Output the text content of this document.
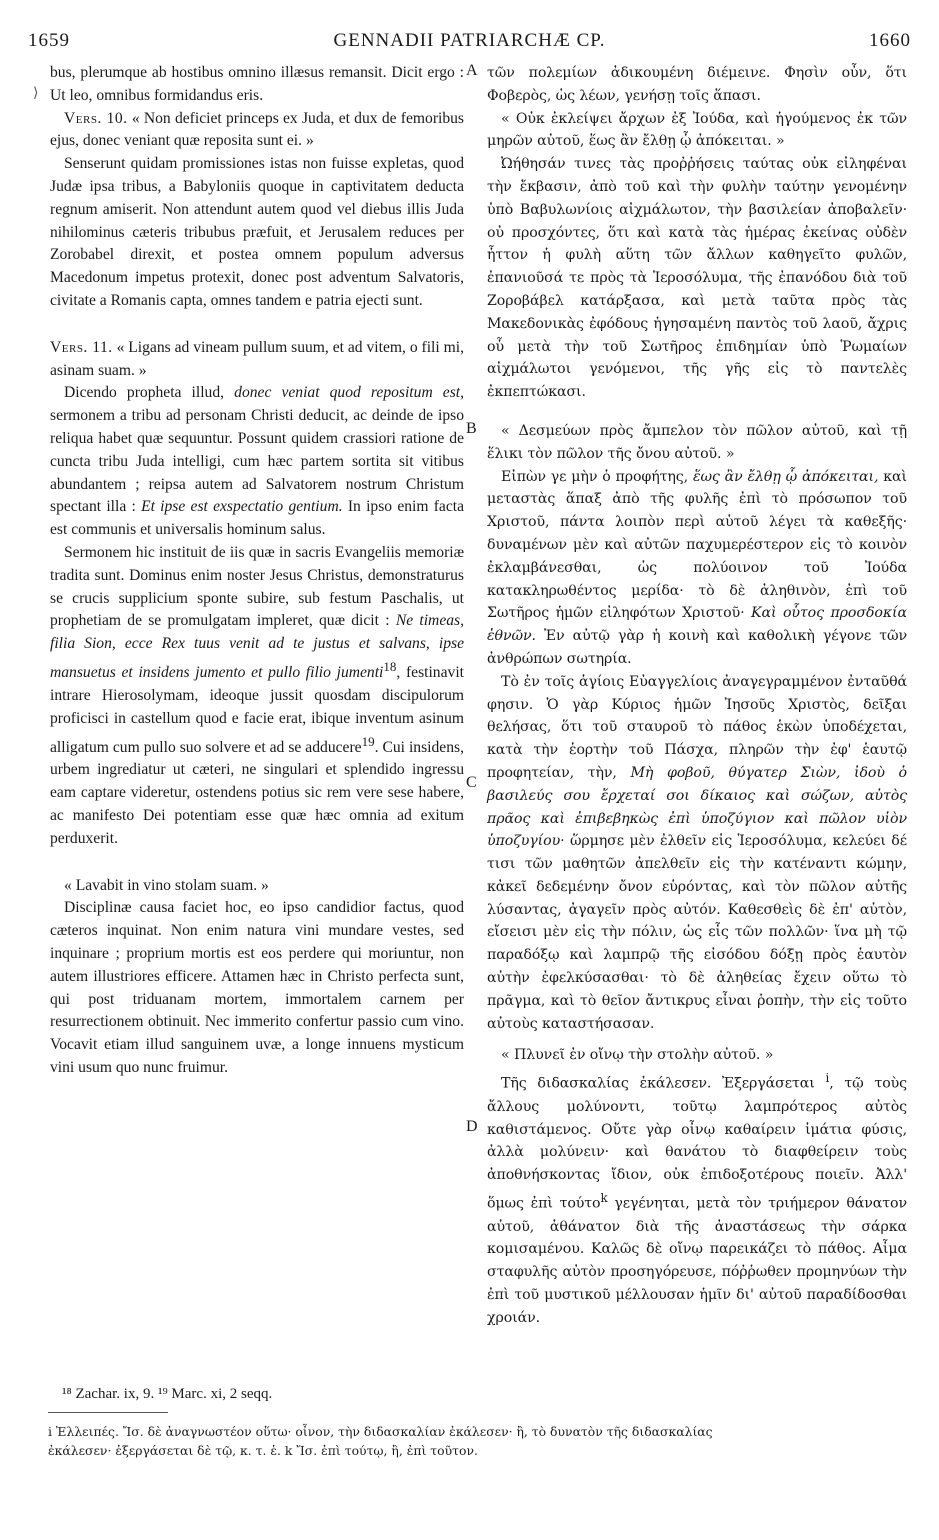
1659	GENNADII PATRIARCHÆ CP.	1660
⟩

bus, plerumque ab hostibus omnino illæsus remansit. Dicit ergo : Ut leo, omnibus formidandus eris.

Vers. 10. « Non deficiet princeps ex Juda, et dux de femoribus ejus, donec veniant quæ reposita sunt ei. »

Senserunt quidam promissiones istas non fuisse expletas, quod Judæ ipsa tribus, a Babyloniis quoque in captivitatem deducta regnum amiserit. Non attendunt autem quod vel diebus illis Juda nihilominus cæteris tribubus præfuit, et Jerusalem reduces per Zorobabel direxit, et postea omnem populum adversus Macedonum impetus protexit, donec post adventum Salvatoris, civitate a Romanis capta, omnes tandem e patria ejecti sunt.

Vers. 11. « Ligans ad vineam pullum suum, et ad vitem, o fili mi, asinam suam. »

Dicendo propheta illud, donec veniat quod repositum est, sermonem a tribu ad personam Christi deducit, ac deinde de ipso reliqua habet quæ sequuntur. Possunt quidem crassiori ratione de cuncta tribu Juda intelligi, cum hæc partem sortita sit vitibus abundantem ; reipsa autem ad Salvatorem nostrum Christum spectant illa : Et ipse est exspectatio gentium. In ipso enim facta est communis et universalis hominum salus.

Sermonem hic instituit de iis quæ in sacris Evangeliis memoriæ tradita sunt. Dominus enim noster Jesus Christus, demonstraturus se crucis supplicium sponte subire, sub festum Paschalis, ut prophetiam de se promulgatam impleret, quæ dicit : Ne timeas, filia Sion, ecce Rex tuus venit ad te justus et salvans, ipse mansuetus et insidens jumento et pullo filio jumenti$^{18}$, festinavit intrare Hierosolymam, ideoque jussit quosdam discipulorum proficisci in castellum quod e facie erat, ibique inventum asinum alligatum cum pullo suo solvere et ad se adducere$^{19}$. Cui insidens, urbem ingrediatur ut cæteri, ne singulari et splendido ingressu eam captare videretur, ostendens potius sic rem vere sese habere, ac manifesto Dei potentiam esse quæ hæc omnia ad exitum perduxerit.

« Lavabit in vino stolam suam. »

Disciplinæ causa faciet hoc, eo ipso candidior factus, quod cæteros inquinat. Non enim natura vini mundare vestes, sed inquinare ; proprium mortis est eos perdere qui moriuntur, non autem illustriores efficere. Attamen hæc in Christo perfecta sunt, qui post triduanam mortem, immortalem carnem per resurrectionem obtinuit. Nec immerito confertur passio cum vino. Vocavit etiam illud sanguinem uvæ, a longe innuens mysticum vini usum quo nunc fruimur.

A
B
C
D

τῶν πολεμίων ἀδικουμένη διέμεινε. Φησὶν οὖν, ὅτι Φοβερὸς, ὡς λέων, γενήσῃ τοῖς ἅπασι.

« Οὐκ ἐκλείψει ἄρχων ἐξ Ἰούδα, καὶ ἡγούμενος ἐκ τῶν μηρῶν αὐτοῦ, ἕως ἂν ἔλθῃ ᾧ ἀπόκειται. »

Ὠήθησάν τινες τὰς προῤῥήσεις ταύτας οὐκ εἰληφέναι τὴν ἔκβασιν, ἀπὸ τοῦ καὶ τὴν φυλὴν ταύτην γενομένην ὑπὸ Βαβυλωνίοις αἰχμάλωτον, τὴν βασιλείαν ἀποβαλεῖν· οὐ προσχόντες, ὅτι καὶ κατὰ τὰς ἡμέρας ἐκείνας οὐδὲν ἧττον ἡ φυλὴ αὕτη τῶν ἄλλων καθηγεῖτο φυλῶν, ἐπανιοῦσά τε πρὸς τὰ Ἱεροσόλυμα, τῆς ἐπανόδου διὰ τοῦ Ζοροβάβελ κατάρξασα, καὶ μετὰ ταῦτα πρὸς τὰς Μακεδονικὰς ἐφόδους ἡγησαμένη παντὸς τοῦ λαοῦ, ἄχρις οὗ μετὰ τὴν τοῦ Σωτῆρος ἐπιδημίαν ὑπὸ Ῥωμαίων αἰχμάλωτοι γενόμενοι, τῆς γῆς εἰς τὸ παντελὲς ἐκπεπτώκασι.

« Δεσμεύων πρὸς ἄμπελον τὸν πῶλον αὐτοῦ, καὶ τῇ ἕλικι τὸν πῶλον τῆς ὄνου αὐτοῦ. »

Εἰπὼν γε μὴν ὁ προφήτης, ἕως ἂν ἔλθῃ ᾧ ἀπόκειται, καὶ μεταστὰς ἅπαξ ἀπὸ τῆς φυλῆς ἐπὶ τὸ πρόσωπον τοῦ Χριστοῦ, πάντα λοιπὸν περὶ αὐτοῦ λέγει τὰ καθεξῆς· δυναμένων μὲν καὶ αὐτῶν παχυμερέστερον εἰς τὸ κοινὸν ἐκλαμβάνεσθαι, ὡς πολύοινον τοῦ Ἰούδα κατακληρωθέντος μερίδα· τὸ δὲ ἀληθινὸν, ἐπὶ τοῦ Σωτῆρος ἡμῶν εἰληφότων Χριστοῦ· Καὶ οὗτος προσδοκία ἐθνῶν. Ἐν αὐτῷ γὰρ ἡ κοινὴ καὶ καθολικὴ γέγονε τῶν ἀνθρώπων σωτηρία.

Τὸ ἐν τοῖς ἁγίοις Εὐαγγελίοις ἀναγεγραμμένον ἐνταῦθά φησιν. Ὁ γὰρ Κύριος ἡμῶν Ἰησοῦς Χριστὸς, δεῖξαι θελήσας, ὅτι τοῦ σταυροῦ τὸ πάθος ἑκὼν ὑποδέχεται, κατὰ τὴν ἑορτὴν τοῦ Πάσχα, πληρῶν τὴν ἐφ' ἑαυτῷ προφητείαν, τὴν, Μὴ φοβοῦ, θύγατερ Σιὼν, ἰδοὺ ὁ βασιλεύς σου ἔρχεταί σοι δίκαιος καὶ σώζων, αὐτὸς πρᾶος καὶ ἐπιβεβηκὼς ἐπὶ ὑποζύγιον καὶ πῶλον υἱὸν ὑποζυγίου· ὥρμησε μὲν ἐλθεῖν εἰς Ἱεροσόλυμα, κελεύει δέ τισι τῶν μαθητῶν ἀπελθεῖν εἰς τὴν κατέναντι κώμην, κἀκεῖ δεδεμένην ὄνον εὑρόντας, καὶ τὸν πῶλον αὐτῆς λύσαντας, ἀγαγεῖν πρὸς αὐτόν. Καθεσθεὶς δὲ ἐπ' αὐτὸν, εἴσεισι μὲν εἰς τὴν πόλιν, ὡς εἷς τῶν πολλῶν· ἵνα μὴ τῷ παραδόξῳ καὶ λαμπρῷ τῆς εἰσόδου δόξῃ πρὸς ἑαυτὸν αὐτὴν ἐφελκύσασθαι· τὸ δὲ ἀληθείας ἔχειν οὕτω τὸ πρᾶγμα, καὶ τὸ θεῖον ἄντικρυς εἶναι ῥοπὴν, τὴν εἰς τοῦτο αὐτοὺς καταστήσασαν.

« Πλυνεῖ ἐν οἴνῳ τὴν στολὴν αὐτοῦ. »

Τῆς διδασκαλίας ἐκάλεσεν. Ἐξεργάσεται $^i$, τῷ τοὺς ἄλλους μολύνοντι, τοῦτῳ λαμπρότερος αὐτὸς καθιστάμενος. Οὔτε γὰρ οἶνῳ καθαίρειν ἱμάτια φύσις, ἀλλὰ μολύνειν· καὶ θανάτου τὸ διαφθείρειν τοὺς ἀποθνήσκοντας ἴδιον, οὐκ ἐπιδοξοτέρους ποιεῖν. Ἀλλ' ὅμως ἐπὶ τούτο$^k$ γεγένηται, μετὰ τὸν τριήμερον θάνατον αὐτοῦ, ἀθάνατον διὰ τῆς ἀναστάσεως τὴν σάρκα κομισαμένου. Καλῶς δὲ οἴνῳ παρεικάζει τὸ πάθος. Αἷμα σταφυλῆς αὐτὸν προσηγόρευσε, πόῤῥωθεν προμηνύων τὴν ἐπὶ τοῦ μυστικοῦ μέλλουσαν ἡμῖν δι' αὐτοῦ παραδίδοσθαι χροιάν.

¹⁸ Zachar. ix, 9. ¹⁹ Marc. xi, 2 seqq.
i Ἐλλειπές. Ἴσ. δὲ ἀναγνωστέον οὕτω· οἶνον, τὴν διδασκαλίαν ἐκάλεσεν· ἢ, τὸ δυνατὸν τῆς διδασκαλίας
ἐκάλεσεν· ἐξεργάσεται δὲ τῷ, κ. τ. ἑ. k Ἴσ. ἐπὶ τούτῳ, ἢ, ἐπὶ τοῦτον.
